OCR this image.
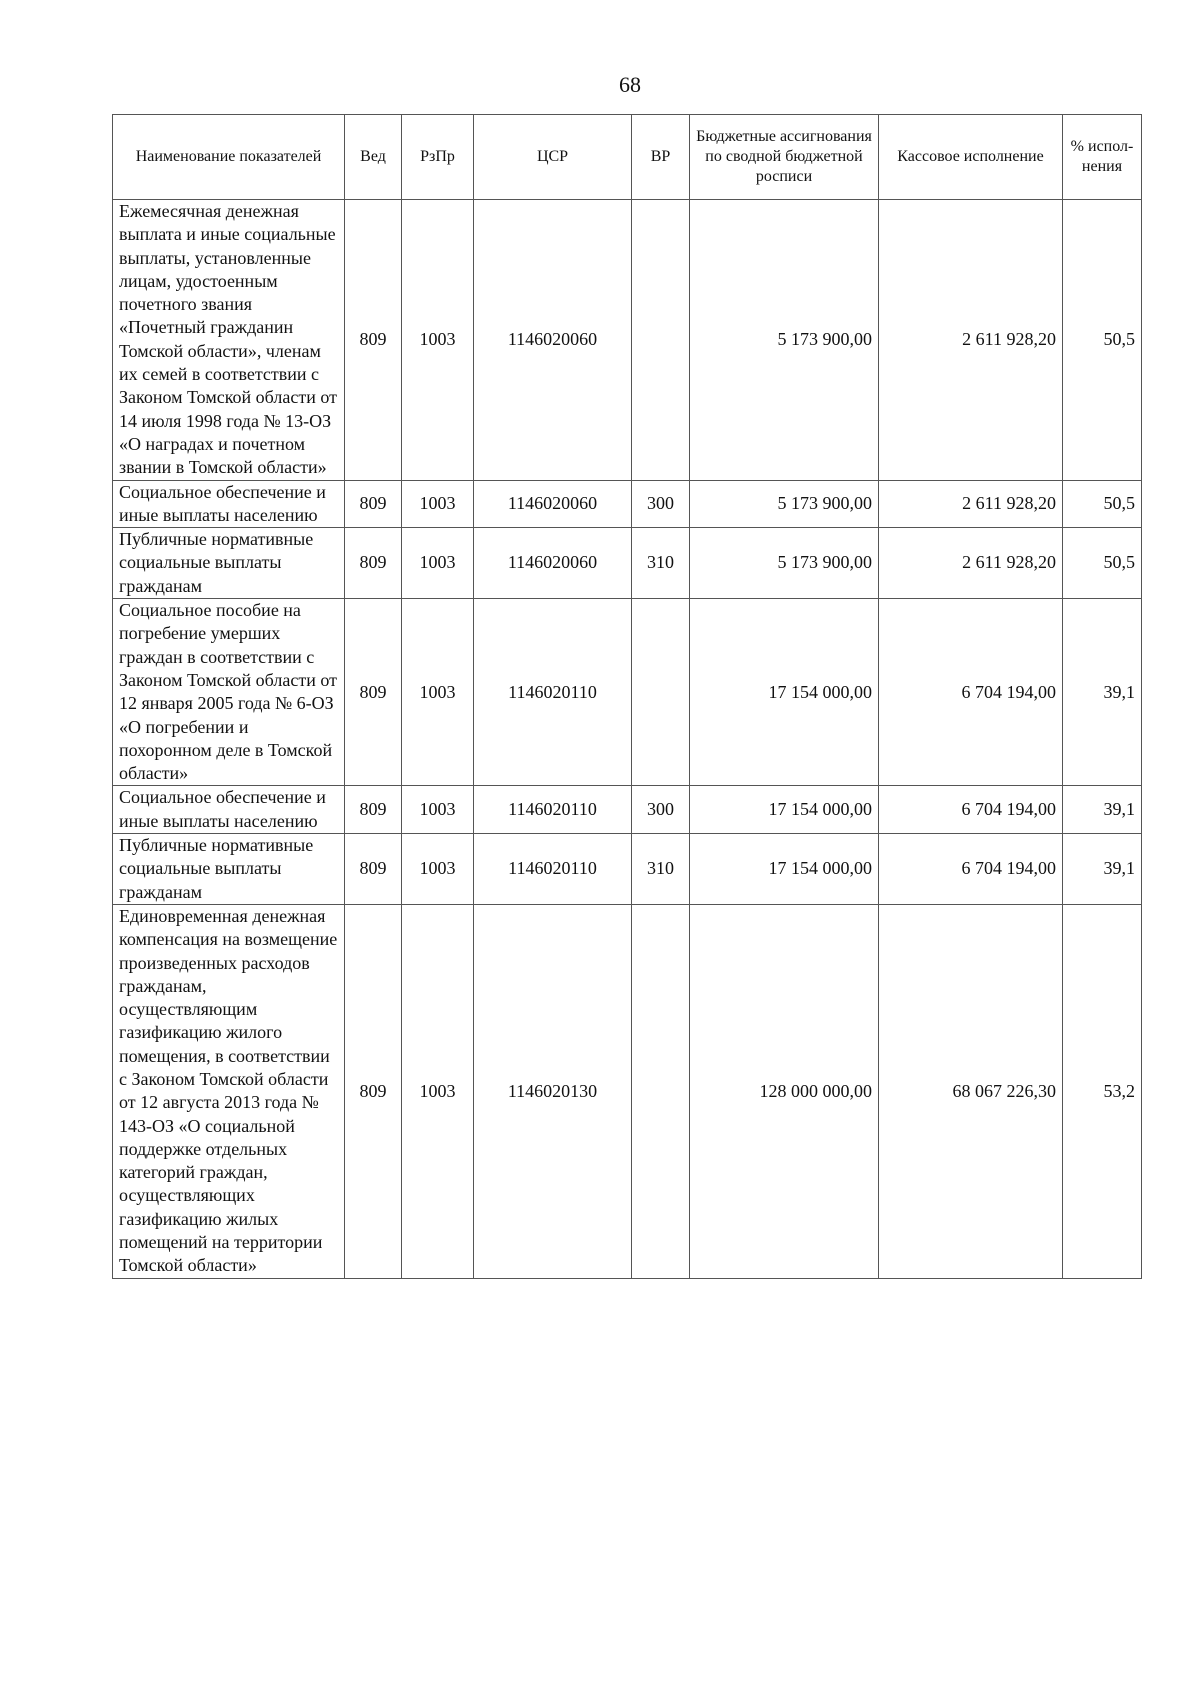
68
Наименование показателей	Вед	РзПр	ЦСР	ВР	Бюджетные ассигнования по сводной бюджетной росписи	Кассовое исполнение	% испол-нения
Ежемесячная денежная выплата и иные социальные выплаты, установленные лицам, удостоенным почетного звания «Почетный гражданин Томской области», членам их семей в соответствии с Законом Томской области от 14 июля 1998 года № 13-ОЗ «О наградах и почетном звании в Томской области»	809	1003	1146020060		5 173 900,00	2 611 928,20	50,5
Социальное обеспечение и иные выплаты населению	809	1003	1146020060	300	5 173 900,00	2 611 928,20	50,5
Публичные нормативные социальные выплаты гражданам	809	1003	1146020060	310	5 173 900,00	2 611 928,20	50,5
Социальное пособие на погребение умерших граждан в соответствии с Законом Томской области от 12 января 2005 года № 6-ОЗ «О погребении и похоронном деле в Томской области»	809	1003	1146020110		17 154 000,00	6 704 194,00	39,1
Социальное обеспечение и иные выплаты населению	809	1003	1146020110	300	17 154 000,00	6 704 194,00	39,1
Публичные нормативные социальные выплаты гражданам	809	1003	1146020110	310	17 154 000,00	6 704 194,00	39,1
Единовременная денежная компенсация на возмещение произведенных расходов гражданам, осуществляющим газификацию жилого помещения, в соответствии с Законом Томской области от 12 августа 2013 года № 143-ОЗ «О социальной поддержке отдельных категорий граждан, осуществляющих газификацию жилых помещений на территории Томской области»	809	1003	1146020130		128 000 000,00	68 067 226,30	53,2
